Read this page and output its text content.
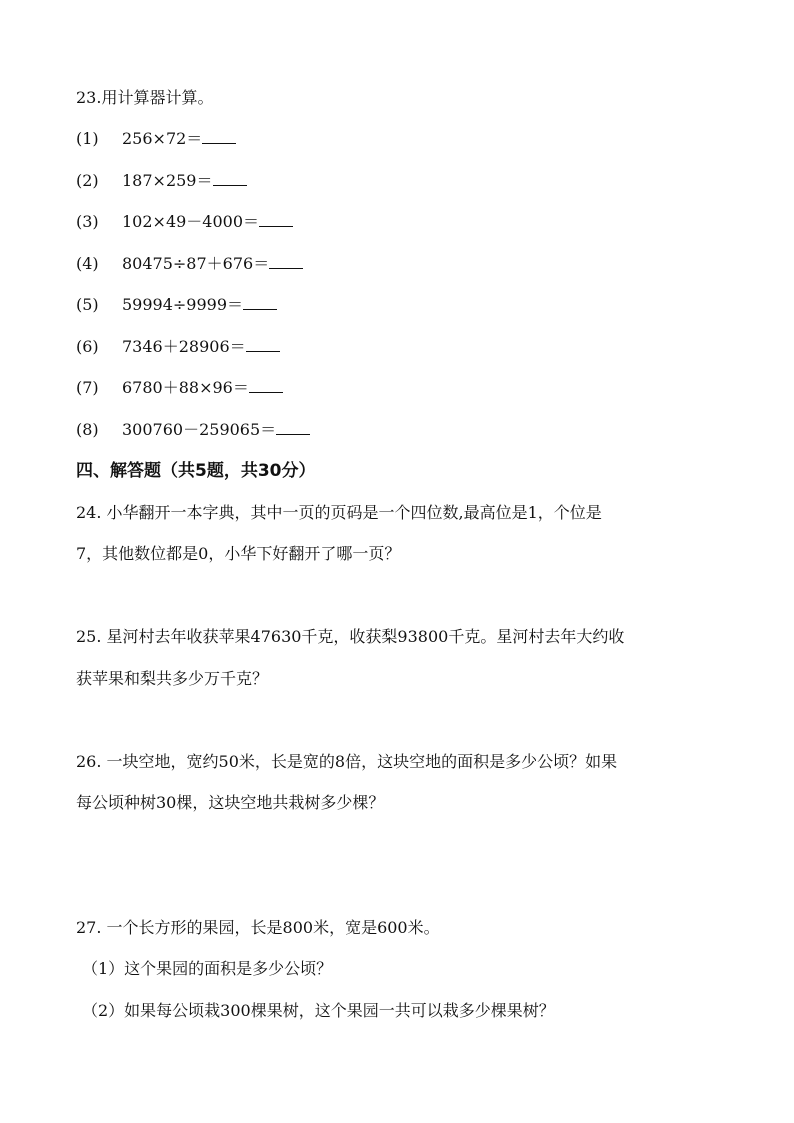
23.用计算器计算。
(1) 256×72＝
(2) 187×259＝
(3) 102×49－4000＝
(4) 80475÷87＋676＝
(5) 59994÷9999＝
(6) 7346＋28906＝
(7) 6780＋88×96＝
(8) 300760－259065＝
四、解答题（共5题，共30分）
24. 小华翻开一本字典，其中一页的页码是一个四位数,最高位是1，个位是
7，其他数位都是0，小华下好翻开了哪一页？
25. 星河村去年收获苹果47630千克，收获梨93800千克。星河村去年大约收
获苹果和梨共多少万千克？
26. 一块空地，宽约50米，长是宽的8倍，这块空地的面积是多少公顷？如果
每公顷种树30棵，这块空地共栽树多少棵？
27. 一个长方形的果园，长是800米，宽是600米。
（1）这个果园的面积是多少公顷？
（2）如果每公顷栽300棵果树，这个果园一共可以栽多少棵果树？
